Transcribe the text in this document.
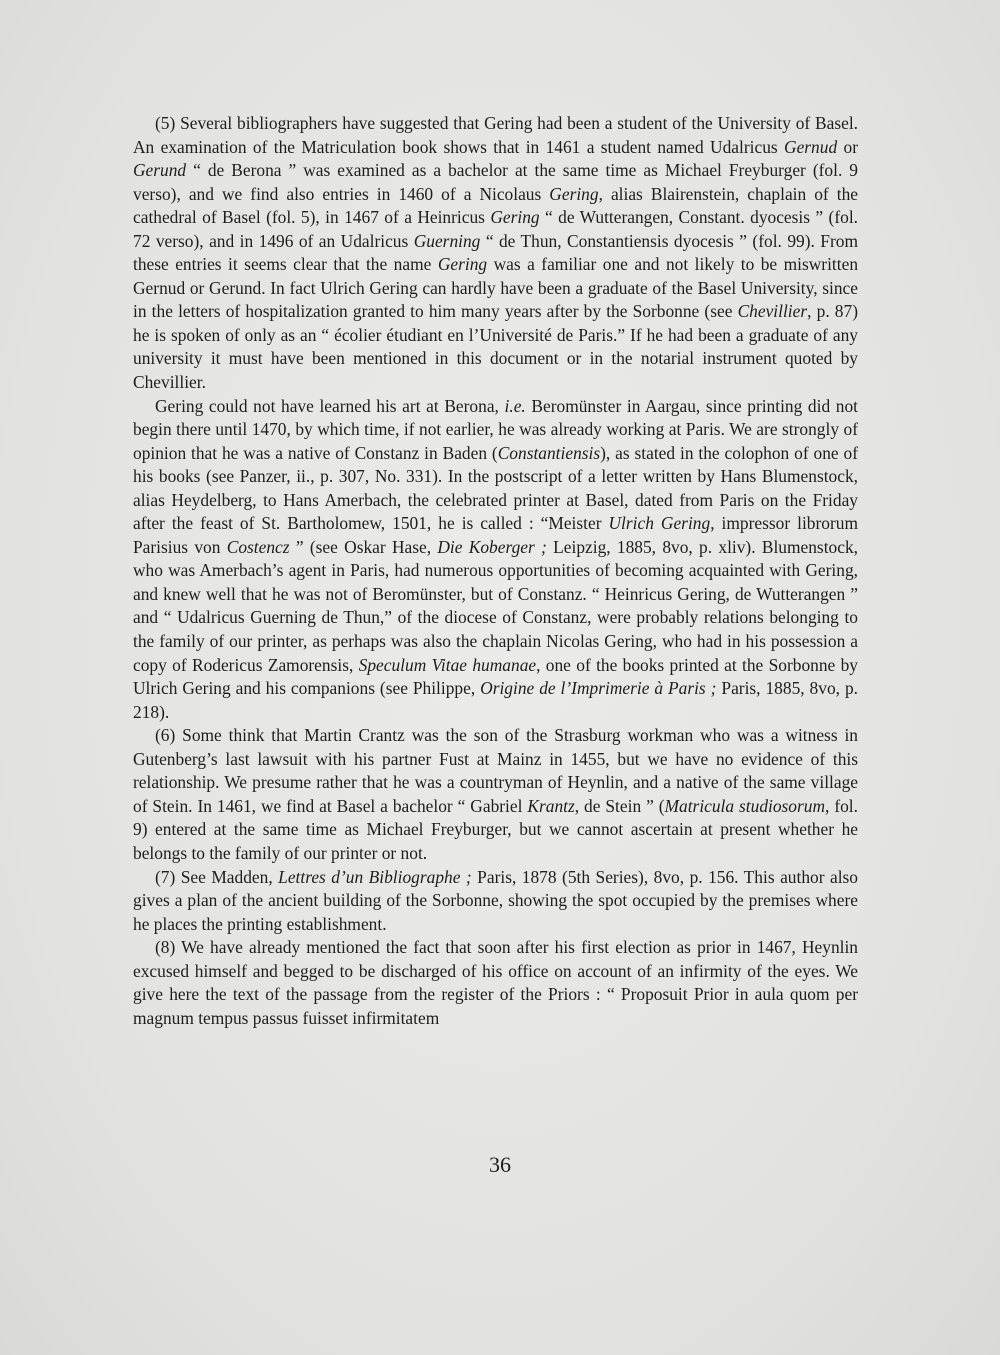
(5) Several bibliographers have suggested that Gering had been a student of the University of Basel. An examination of the Matriculation book shows that in 1461 a student named Udalricus Gernud or Gerund “ de Berona ” was examined as a bachelor at the same time as Michael Freyburger (fol. 9 verso), and we find also entries in 1460 of a Nicolaus Gering, alias Blairenstein, chaplain of the cathedral of Basel (fol. 5), in 1467 of a Heinricus Gering “ de Wutterangen, Constant. dyocesis ” (fol. 72 verso), and in 1496 of an Udalricus Guerning “ de Thun, Constantiensis dyocesis ” (fol. 99). From these entries it seems clear that the name Gering was a familiar one and not likely to be miswritten Gernud or Gerund. In fact Ulrich Gering can hardly have been a graduate of the Basel University, since in the letters of hospitalization granted to him many years after by the Sorbonne (see Chevillier, p. 87) he is spoken of only as an “ écolier étudiant en l’Université de Paris.” If he had been a graduate of any university it must have been mentioned in this document or in the notarial instrument quoted by Chevillier.

Gering could not have learned his art at Berona, i.e. Beromünster in Aargau, since printing did not begin there until 1470, by which time, if not earlier, he was already working at Paris. We are strongly of opinion that he was a native of Constanz in Baden (Constantiensis), as stated in the colophon of one of his books (see Panzer, ii., p. 307, No. 331). In the postscript of a letter written by Hans Blumenstock, alias Heydelberg, to Hans Amerbach, the celebrated printer at Basel, dated from Paris on the Friday after the feast of St. Bartholomew, 1501, he is called : “Meister Ulrich Gering, impressor librorum Parisius von Costencz ” (see Oskar Hase, Die Koberger ; Leipzig, 1885, 8vo, p. xliv). Blumenstock, who was Amerbach’s agent in Paris, had numerous opportunities of becoming acquainted with Gering, and knew well that he was not of Beromünster, but of Constanz. “ Heinricus Gering, de Wutterangen ” and “ Udalricus Guerning de Thun,” of the diocese of Constanz, were probably relations belonging to the family of our printer, as perhaps was also the chaplain Nicolas Gering, who had in his possession a copy of Rodericus Zamorensis, Speculum Vitae humanae, one of the books printed at the Sorbonne by Ulrich Gering and his companions (see Philippe, Origine de l’Imprimerie à Paris ; Paris, 1885, 8vo, p. 218).

(6) Some think that Martin Crantz was the son of the Strasburg workman who was a witness in Gutenberg’s last lawsuit with his partner Fust at Mainz in 1455, but we have no evidence of this relationship. We presume rather that he was a countryman of Heynlin, and a native of the same village of Stein. In 1461, we find at Basel a bachelor “ Gabriel Krantz, de Stein ” (Matricula studiosorum, fol. 9) entered at the same time as Michael Freyburger, but we cannot ascertain at present whether he belongs to the family of our printer or not.

(7) See Madden, Lettres d’un Bibliographe ; Paris, 1878 (5th Series), 8vo, p. 156. This author also gives a plan of the ancient building of the Sorbonne, showing the spot occupied by the premises where he places the printing establishment.

(8) We have already mentioned the fact that soon after his first election as prior in 1467, Heynlin excused himself and begged to be discharged of his office on account of an infirmity of the eyes. We give here the text of the passage from the register of the Priors : “ Proposuit Prior in aula quom per magnum tempus passus fuisset infirmitatem

36
